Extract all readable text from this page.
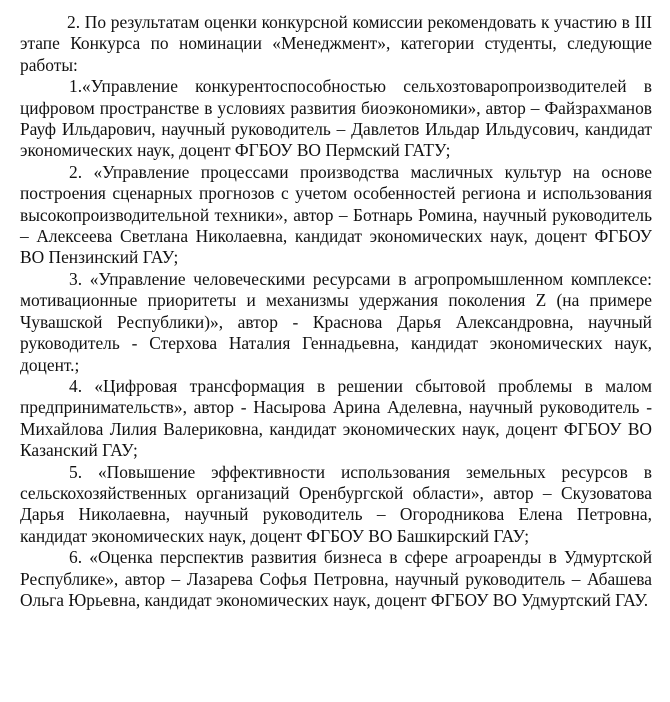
2. По результатам оценки конкурсной комиссии рекомендовать к участию в III этапе Конкурса по номинации «Менеджмент», категории студенты, следующие работы:

1.«Управление конкурентоспособностью сельхозтоваропроизводителей в цифровом пространстве в условиях развития биоэкономики», автор – Файзрахманов Рауф Ильдарович, научный руководитель – Давлетов Ильдар Ильдусович, кандидат экономических наук, доцент ФГБОУ ВО Пермский ГАТУ;

2. «Управление процессами производства масличных культур на основе построения сценарных прогнозов с учетом особенностей региона и использования высокопроизводительной техники», автор – Ботнарь Ромина, научный руководитель – Алексеева Светлана Николаевна, кандидат экономических наук, доцент ФГБОУ ВО Пензинский ГАУ;

3. «Управление человеческими ресурсами в агропромышленном комплексе: мотивационные приоритеты и механизмы удержания поколения Z (на примере Чувашской Республики)», автор - Краснова Дарья Александровна, научный руководитель - Стерхова Наталия Геннадьевна, кандидат экономических наук, доцент.;

4. «Цифровая трансформация в решении сбытовой проблемы в малом предпринимательств», автор - Насырова Арина Аделевна, научный руководитель - Михайлова Лилия Валериковна, кандидат экономических наук, доцент ФГБОУ ВО Казанский ГАУ;

5. «Повышение эффективности использования земельных ресурсов в сельскохозяйственных организаций Оренбургской области», автор – Скузоватова Дарья Николаевна, научный руководитель – Огородникова Елена Петровна, кандидат экономических наук, доцент ФГБОУ ВО Башкирский ГАУ;

6. «Оценка перспектив развития бизнеса в сфере агроаренды в Удмуртской Республике», автор – Лазарева Софья Петровна, научный руководитель – Абашева Ольга Юрьевна, кандидат экономических наук, доцент ФГБОУ ВО Удмуртский ГАУ.
